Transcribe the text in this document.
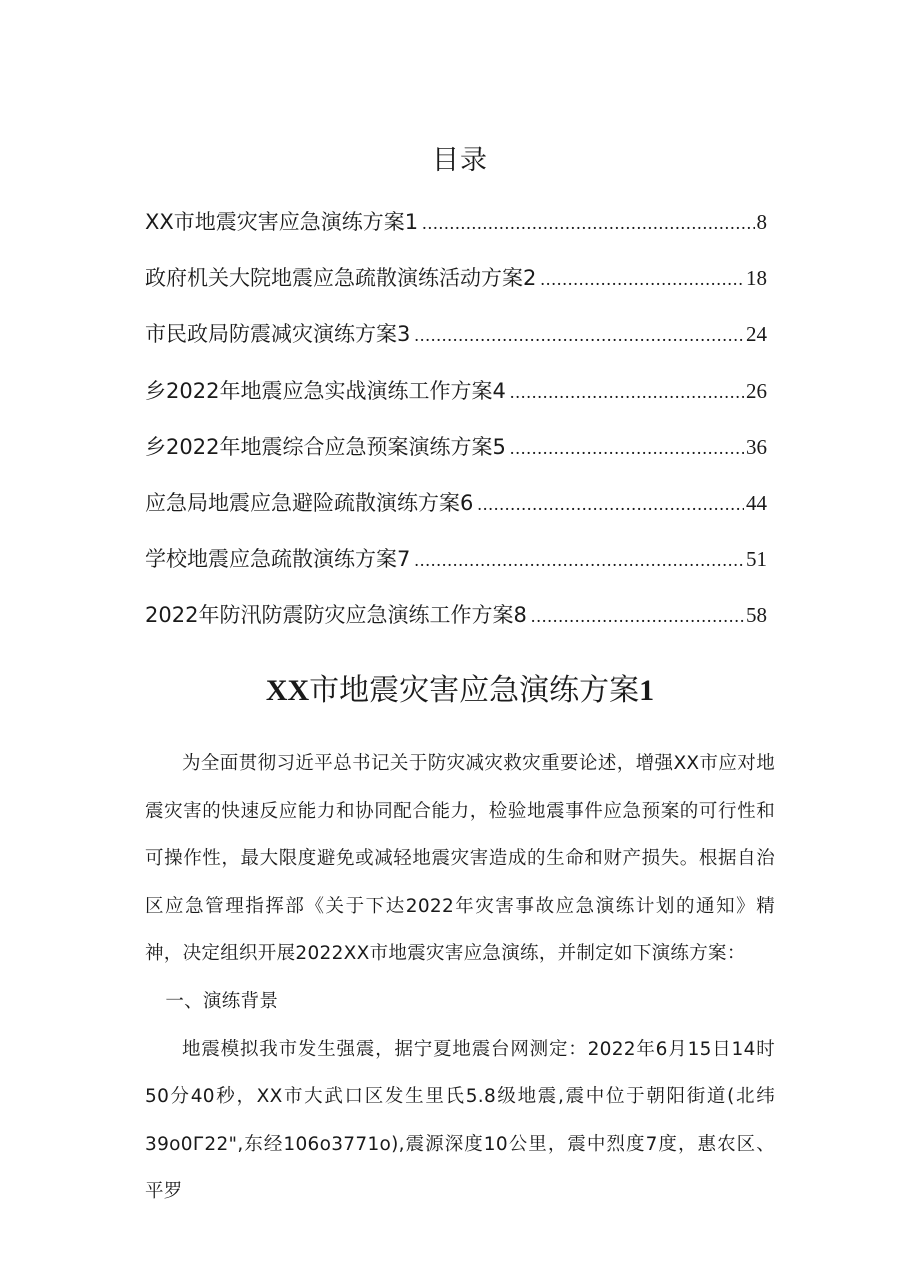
目录
XX市地震灾害应急演练方案1 .....	8
政府机关大院地震应急疏散演练活动方案2 .....	18
市民政局防震减灾演练方案3 .....	24
乡2022年地震应急实战演练工作方案4 .....	26
乡2022年地震综合应急预案演练方案5 .....	36
应急局地震应急避险疏散演练方案6 .....	44
学校地震应急疏散演练方案7 .....	51
2022年防汛防震防灾应急演练工作方案8 .....	58
XX市地震灾害应急演练方案1

为全面贯彻习近平总书记关于防灾减灾救灾重要论述，增强XX市应对地震灾害的快速反应能力和协同配合能力，检验地震事件应急预案的可行性和可操作性，最大限度避免或减轻地震灾害造成的生命和财产损失。根据自治区应急管理指挥部《关于下达2022年灾害事故应急演练计划的通知》精神，决定组织开展2022XX市地震灾害应急演练，并制定如下演练方案：

一、演练背景

地震模拟我市发生强震，据宁夏地震台网测定：2022年6月15日14时50分40秒，XX市大武口区发生里氏5.8级地震,震中位于朝阳街道(北纬39o0Г22",东经106o3771o),震源深度10公里，震中烈度7度，惠农区、平罗
